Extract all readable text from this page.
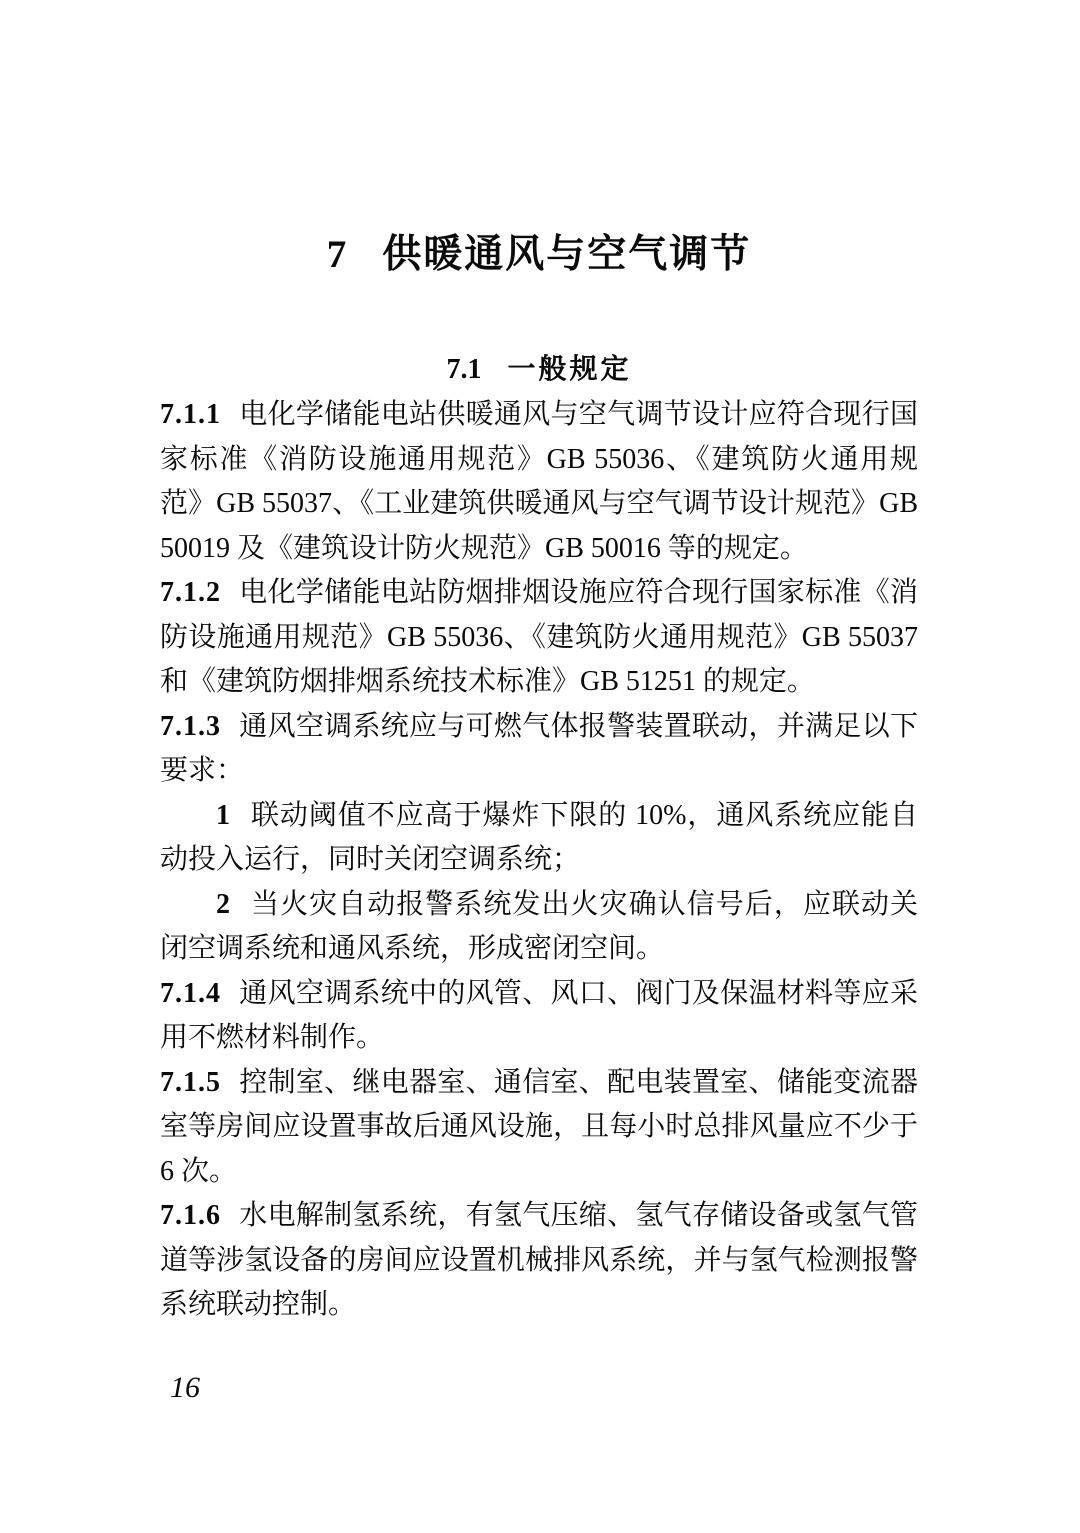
7 供暖通风与空气调节
7.1 一般规定

7.1.1 电化学储能电站供暖通风与空气调节设计应符合现行国家标准《消防设施通用规范》GB 55036、《建筑防火通用规范》GB 55037、《工业建筑供暖通风与空气调节设计规范》GB 50019 及《建筑设计防火规范》GB 50016 等的规定。

7.1.2 电化学储能电站防烟排烟设施应符合现行国家标准《消防设施通用规范》GB 55036、《建筑防火通用规范》GB 55037 和《建筑防烟排烟系统技术标准》GB 51251 的规定。

7.1.3 通风空调系统应与可燃气体报警装置联动，并满足以下要求：

1 联动阈值不应高于爆炸下限的 10%，通风系统应能自动投入运行，同时关闭空调系统；

2 当火灾自动报警系统发出火灾确认信号后，应联动关闭空调系统和通风系统，形成密闭空间。

7.1.4 通风空调系统中的风管、风口、阀门及保温材料等应采用不燃材料制作。

7.1.5 控制室、继电器室、通信室、配电装置室、储能变流器室等房间应设置事故后通风设施，且每小时总排风量应不少于 6 次。

7.1.6 水电解制氢系统，有氢气压缩、氢气存储设备或氢气管道等涉氢设备的房间应设置机械排风系统，并与氢气检测报警系统联动控制。

16
